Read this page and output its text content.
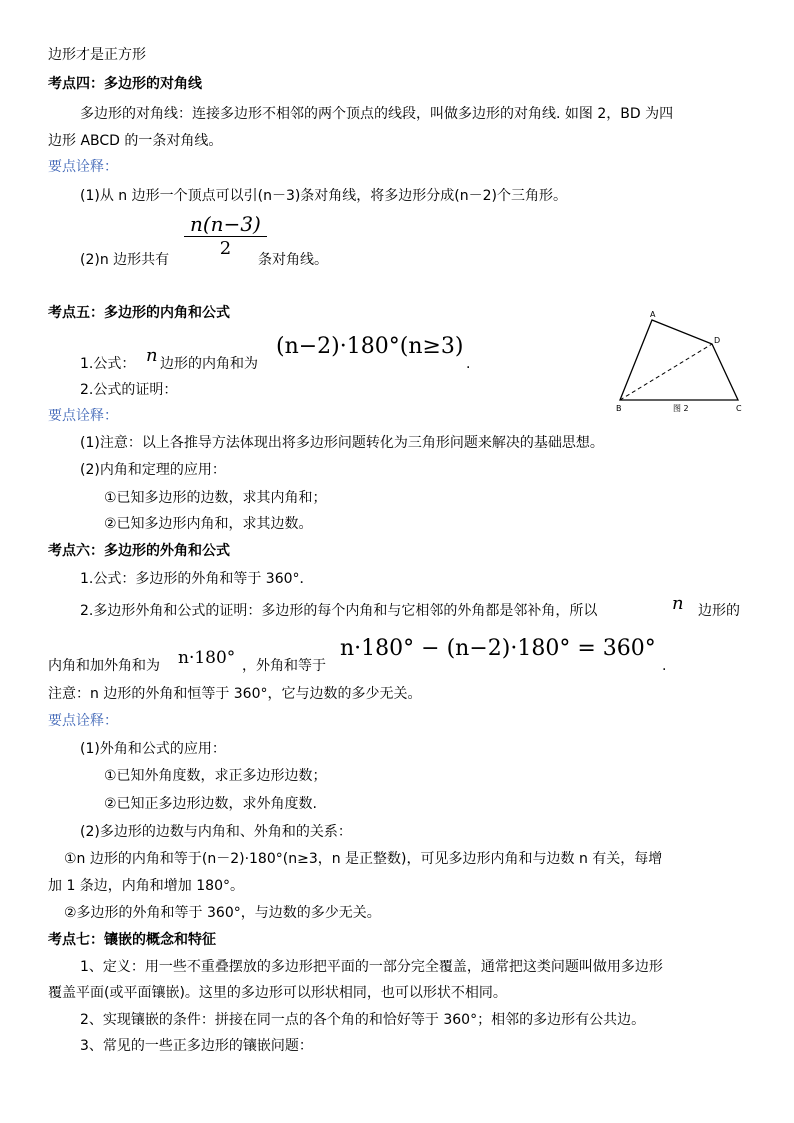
边形才是正方形
考点四：多边形的对角线
多边形的对角线：连接多边形不相邻的两个顶点的线段，叫做多边形的对角线. 如图 2，BD 为四
边形 ABCD 的一条对角线。
要点诠释：
(1)从 n 边形一个顶点可以引(n－3)条对角线，将多边形分成(n－2)个三角形。
n(n−3)
2
(2)n 边形共有	条对角线。
考点五：多边形的内角和公式
1.公式： n 边形的内角和为
(n−2)·180°(n≥3)
.
2.公式的证明：
A
D
B	C
图 2
要点诠释：
(1)注意：以上各推导方法体现出将多边形问题转化为三角形问题来解决的基础思想。
(2)内角和定理的应用：
①已知多边形的边数，求其内角和；
②已知多边形内角和，求其边数。
考点六：多边形的外角和公式
1.公式：多边形的外角和等于 360°．
2.多边形外角和公式的证明：多边形的每个内角和与它相邻的外角都是邻补角，所以	n 边形的
内角和加外角和为 n·180° ，外角和等于
n·180° − (n−2)·180° = 360°
.
注意：n 边形的外角和恒等于 360°，它与边数的多少无关。
要点诠释：
(1)外角和公式的应用：
①已知外角度数，求正多边形边数；
②已知正多边形边数，求外角度数.
(2)多边形的边数与内角和、外角和的关系：
①n 边形的内角和等于(n－2)·180°(n≥3，n 是正整数)，可见多边形内角和与边数 n 有关，每增
加 1 条边，内角和增加 180°。
②多边形的外角和等于 360°，与边数的多少无关。
考点七：镶嵌的概念和特征
1、定义：用一些不重叠摆放的多边形把平面的一部分完全覆盖，通常把这类问题叫做用多边形
覆盖平面(或平面镶嵌)。这里的多边形可以形状相同，也可以形状不相同。
2、实现镶嵌的条件：拼接在同一点的各个角的和恰好等于 360°；相邻的多边形有公共边。
3、常见的一些正多边形的镶嵌问题：
